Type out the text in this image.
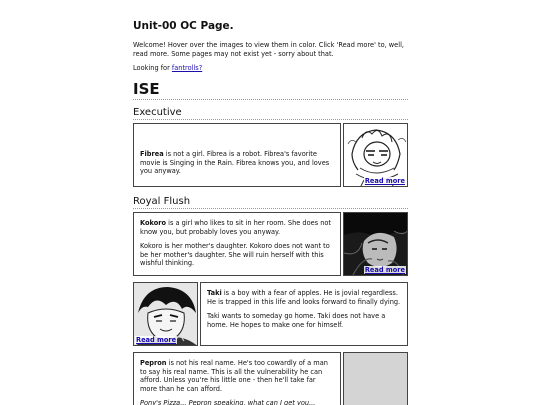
Unit-00 OC Page.
Welcome! Hover over the images to view them in color. Click 'Read more' to, well, read more. Some pages may not exist yet - sorry about that.
Looking for fantrolls?
ISE
Executive

Fibrea is not a girl. Fibrea is a robot. Fibrea's favorite movie is Singing in the Rain. Fibrea knows you, and loves you anyway.

Read more
Royal Flush

Kokoro is a girl who likes to sit in her room. She does not know you, but probably loves you anyway.

Kokoro is her mother's daughter. Kokoro does not want to be her mother's daughter. She will ruin herself with this wishful thinking.

Read more
Read more

Taki is a boy with a fear of apples. He is jovial regardless. He is trapped in this life and looks forward to finally dying.

Taki wants to someday go home. Taki does not have a home. He hopes to make one for himself.

Pepron is not his real name. He's too cowardly of a man to say his real name. This is all the vulnerability he can afford. Unless you're his little one - then he'll take far more than he can afford.

Pony's Pizza... Pepron speaking, what can I get you...
